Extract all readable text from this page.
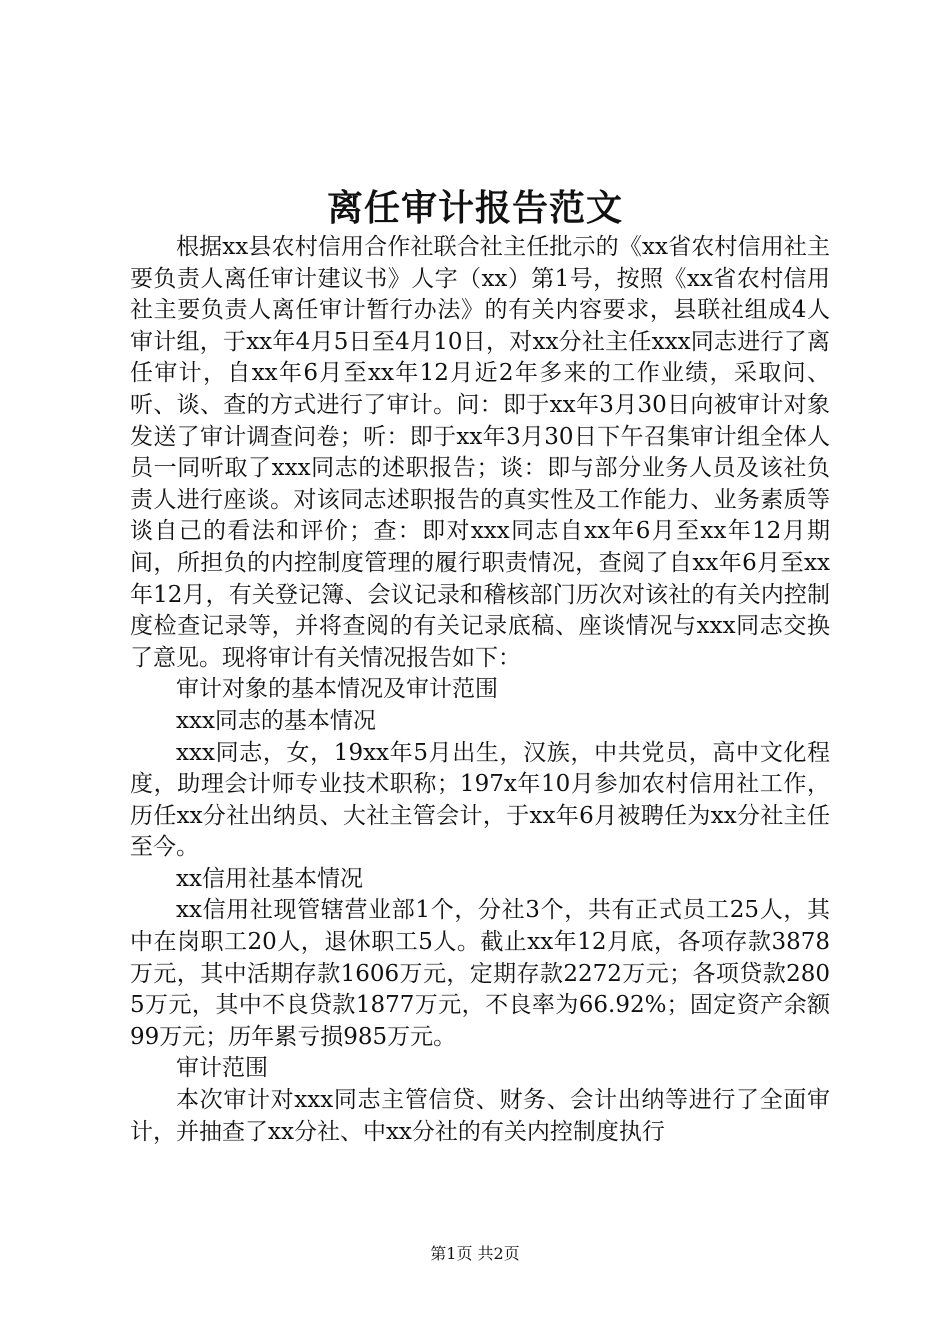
离任审计报告范文

根据xx县农村信用合作社联合社主任批示的《xx省农村信用社主要负责人离任审计建议书》人字（xx）第1号，按照《xx省农村信用社主要负责人离任审计暂行办法》的有关内容要求，县联社组成4人审计组，于xx年4月5日至4月10日，对xx分社主任xxx同志进行了离任审计，自xx年6月至xx年12月近2年多来的工作业绩，采取问、听、谈、查的方式进行了审计。问：即于xx年3月30日向被审计对象发送了审计调查问卷；听：即于xx年3月30日下午召集审计组全体人员一同听取了xxx同志的述职报告；谈：即与部分业务人员及该社负责人进行座谈。对该同志述职报告的真实性及工作能力、业务素质等谈自己的看法和评价；查：即对xxx同志自xx年6月至xx年12月期间，所担负的内控制度管理的履行职责情况，查阅了自xx年6月至xx年12月，有关登记簿、会议记录和稽核部门历次对该社的有关内控制度检查记录等，并将查阅的有关记录底稿、座谈情况与xxx同志交换了意见。现将审计有关情况报告如下：

审计对象的基本情况及审计范围

xxx同志的基本情况

xxx同志，女，19xx年5月出生，汉族，中共党员，高中文化程度，助理会计师专业技术职称；197x年10月参加农村信用社工作，历任xx分社出纳员、大社主管会计，于xx年6月被聘任为xx分社主任至今。

xx信用社基本情况

xx信用社现管辖营业部1个，分社3个，共有正式员工25人，其中在岗职工20人，退休职工5人。截止xx年12月底，各项存款3878万元，其中活期存款1606万元，定期存款2272万元；各项贷款2805万元，其中不良贷款1877万元，不良率为66.92%；固定资产余额99万元；历年累亏损985万元。

审计范围

本次审计对xxx同志主管信贷、财务、会计出纳等进行了全面审计，并抽查了xx分社、中xx分社的有关内控制度执行

第1页 共2页
